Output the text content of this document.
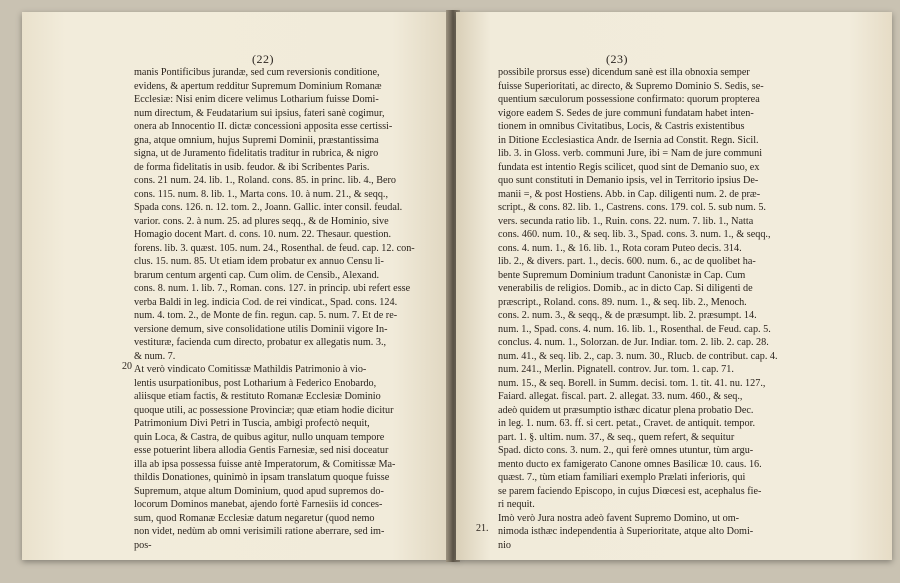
(22)
manis Pontificibus jurandæ, sed cum reversionis conditione,
evidens, & apertum redditur Supremum Dominium Romanæ
Ecclesiæ: Nisi enim dicere velimus Lotharium fuisse Domi-
num directum, & Feudatarium sui ipsius, fateri sanè cogimur,
onera ab Innocentio II. dictæ concessioni apposita esse certissi-
gna, atque omnium, hujus Supremi Dominii, præstantissima
signa, ut de Juramento fidelitatis traditur in rubrica, & nigro
de forma fidelitatis in usib. feudor. & ibi Scribentes Paris.
cons. 21 num. 24. lib. 1., Roland. cons. 85. in princ. lib. 4., Bero
cons. 115. num. 8. lib. 1., Marta cons. 10. à num. 21., & seqq.,
Spada cons. 126. n. 12. tom. 2., Joann. Gallic. inter consil. feudal.
varior. cons. 2. à num. 25. ad plures seqq., & de Hominio, sive
Homagio docent Mart. d. cons. 10. num. 22. Thesaur. question.
forens. lib. 3. quæst. 105. num. 24., Rosenthal. de feud. cap. 12. con-
clus. 15. num. 85. Ut etiam idem probatur ex annuo Censu li-
brarum centum argenti cap. Cum olim. de Censib., Alexand.
cons. 8. num. 1. lib. 7., Roman. cons. 127. in princip. ubi refert esse
verba Baldi in leg. indicia Cod. de rei vindicat., Spad. cons. 124.
num. 4. tom. 2., de Monte de fin. regun. cap. 5. num. 7. Et de re-
versione demum, sive consolidatione utilis Dominii vigore In-
vestituræ, facienda cum directo, probatur ex allegatis num. 3.,
& num. 7.
At verò vindicato Comitissæ Mathildis Patrimonio à vio-
lentis usurpationibus, post Lotharium à Federico Enobardo,
aliisque etiam factis, & restituto Romanæ Ecclesiæ Dominio
quoque utili, ac possessione Provinciæ; quæ etiam hodie dicitur
Patrimonium Divi Petri in Tuscia, ambigi profectò nequit,
quin Loca, & Castra, de quibus agitur, nullo unquam tempore
esse potuerint libera allodia Gentis Farnesiæ, sed nisi doceatur
illa ab ipsa possessa fuisse antè Imperatorum, & Comitissæ Ma-
thildis Donationes, quinimò in ipsam translatum quoque fuisse
Supremum, atque altum Dominium, quod apud supremos do-
locorum Dominos manebat, ajendo fortè Farnesiis id conces-
sum, quod Romanæ Ecclesiæ datum negaretur (quod nemo
non videt, nedùm ab omni verisimili ratione aberrare, sed im-
pos-
20
(23)
possibile prorsus esse) dicendum sanè est illa obnoxia semper
fuisse Superioritati, ac directo, & Supremo Dominio S. Sedis, se-
quentium sæculorum possessione confirmato: quorum propterea
vigore eadem S. Sedes de jure communi fundatam habet inten-
tionem in omnibus Civitatibus, Locis, & Castris existentibus
in Ditione Ecclesiastica Andr. de Isernia ad Constit. Regn. Sicil.
lib. 3. in Gloss. verb. communi Jure, ibi = Nam de jure communi
fundata est intentio Regis scilicet, quod sint de Demanio suo, ex
quo sunt constituti in Demanio ipsis, vel in Territorio ipsius De-
manii =, & post Hostiens. Abb. in Cap. diligenti num. 2. de præ-
script., & cons. 82. lib. 1., Castrens. cons. 179. col. 5. sub num. 5.
vers. secunda ratio lib. 1., Ruin. cons. 22. num. 7. lib. 1., Natta
cons. 460. num. 10., & seq. lib. 3., Spad. cons. 3. num. 1., & seqq.,
cons. 4. num. 1., & 16. lib. 1., Rota coram Puteo decis. 314.
lib. 2., & divers. part. 1., decis. 600. num. 6., ac de quolibet ha-
bente Supremum Dominium tradunt Canonistæ in Cap. Cum
venerabilis de religios. Domib., ac in dicto Cap. Si diligenti de
præscript., Roland. cons. 89. num. 1., & seq. lib. 2., Menoch.
cons. 2. num. 3., & seqq., & de præsumpt. lib. 2. præsumpt. 14.
num. 1., Spad. cons. 4. num. 16. lib. 1., Rosenthal. de Feud. cap. 5.
conclus. 4. num. 1., Solorzan. de Jur. Indiar. tom. 2. lib. 2. cap. 28.
num. 41., & seq. lib. 2., cap. 3. num. 30., Rlucb. de contribut. cap. 4.
num. 241., Merlin. Pignatell. controv. Jur. tom. 1. cap. 71.
num. 15., & seq. Borell. in Summ. decisi. tom. 1. tit. 41. nu. 127.,
Faiard. allegat. fiscal. part. 2. allegat. 33. num. 460., & seq.,
adeò quidem ut præsumptio isthæc dicatur plena probatio Dec.
in leg. 1. num. 63. ff. si cert. petat., Cravet. de antiquit. tempor.
part. 1. §. ultim. num. 37., & seq., quem refert, & sequitur
Spad. dicto cons. 3. num. 2., qui ferè omnes utuntur, tùm argu-
mento ducto ex famigerato Canone omnes Basilicæ 10. caus. 16.
quæst. 7., tùm etiam familiari exemplo Prælati inferioris, qui
se parem faciendo Episcopo, in cujus Diœcesi est, acephalus fie-
ri nequit.
Imò verò Jura nostra adeò favent Supremo Domino, ut om-
nimoda isthæc independentia à Superioritate, atque alto Domi-
nio
21.
